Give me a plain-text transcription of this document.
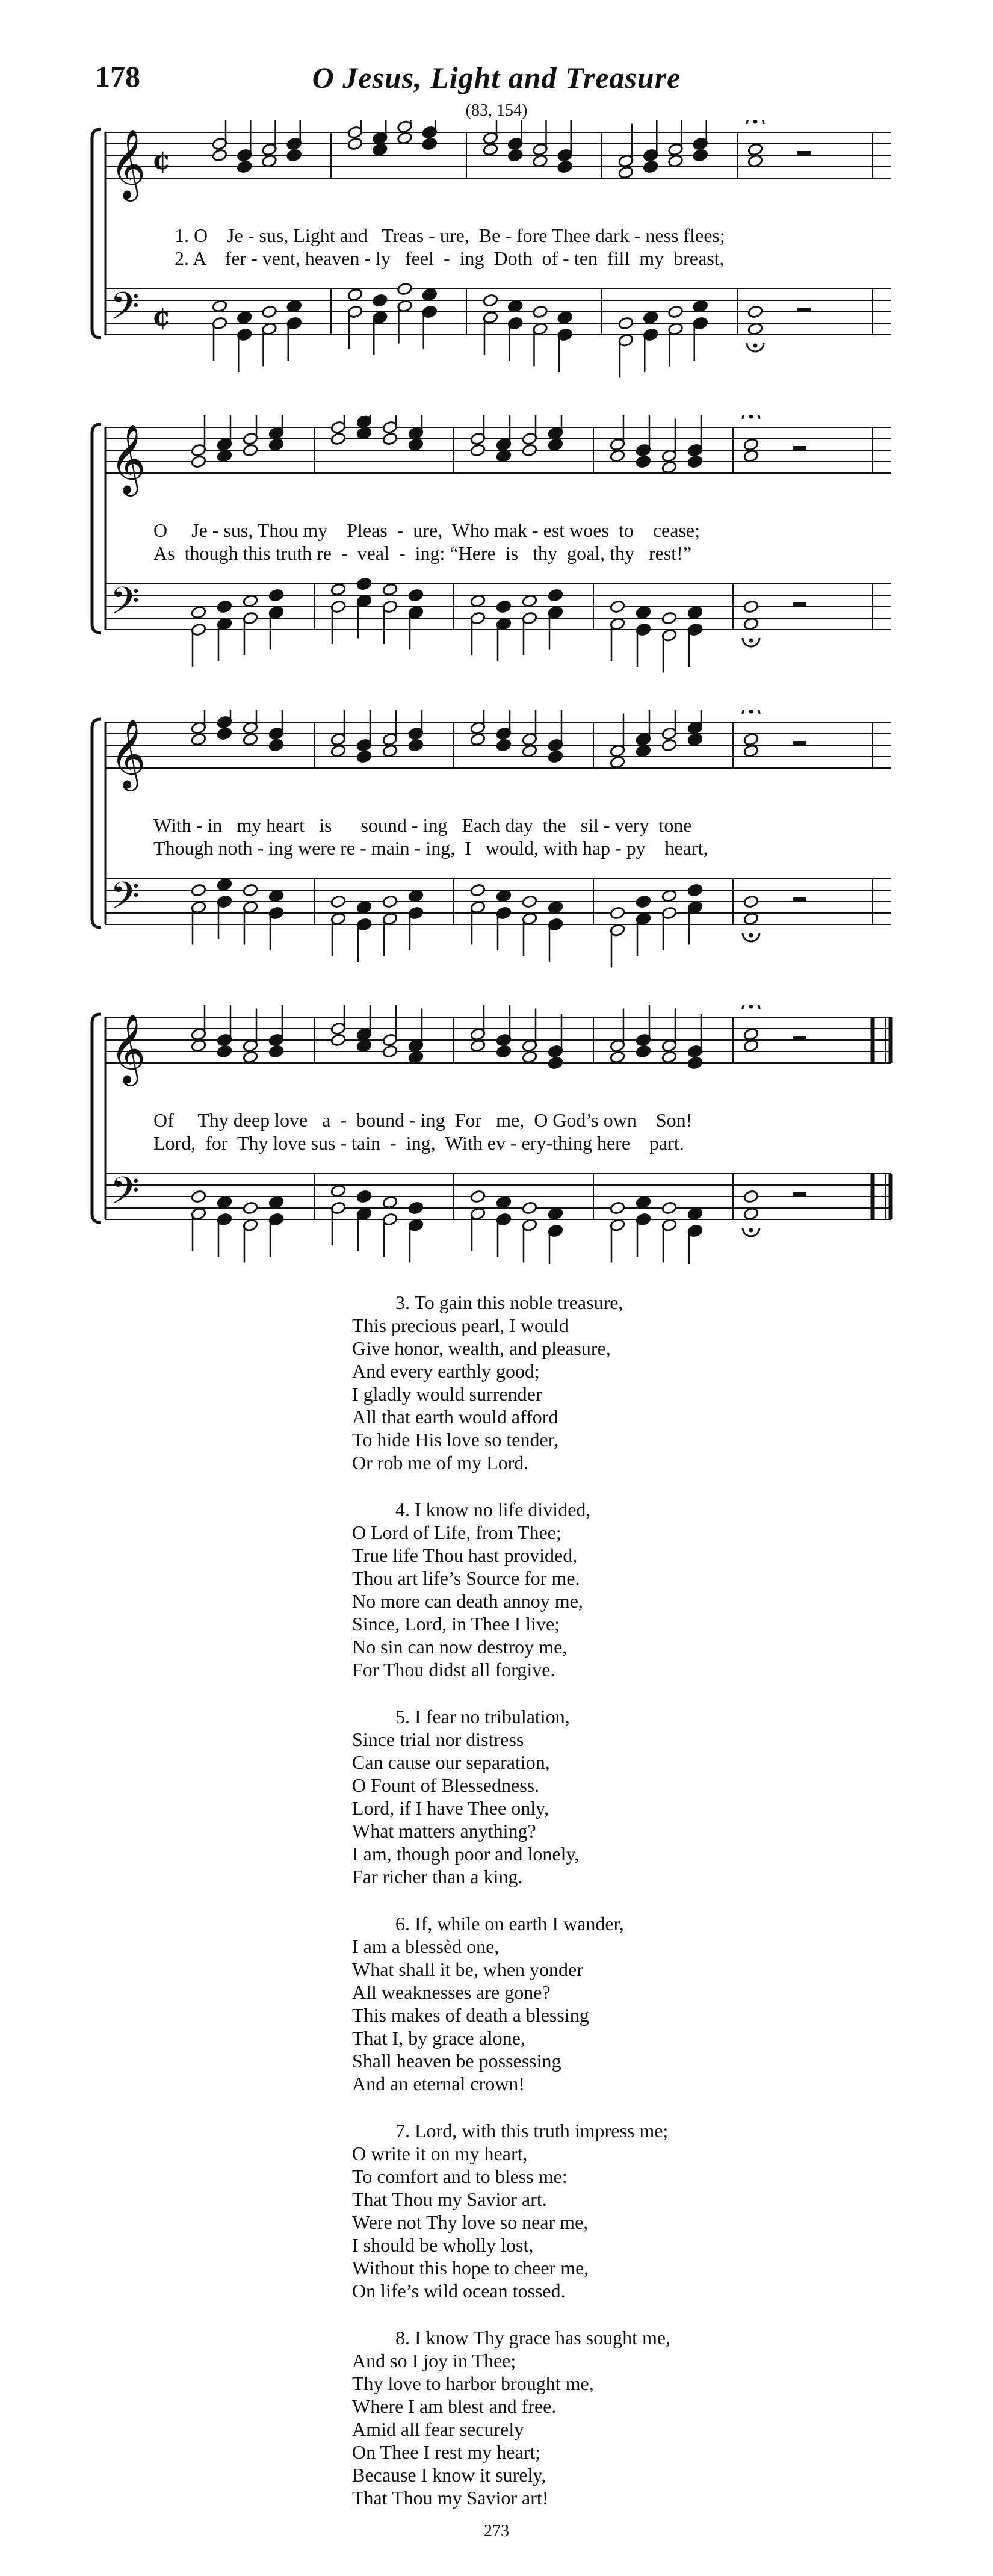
178	O Jesus, Light and Treasure
(83, 154)
𝄞
𝄢
¢
¢
1. O    Je - sus, Light and   Treas - ure,  Be - fore Thee dark - ness flees;
2. A    fer - vent, heaven - ly   feel  -  ing  Doth  of - ten  fill  my  breast,
𝄞
𝄢
O     Je - sus, Thou my    Pleas  -  ure,  Who mak - est woes  to    cease;
As  though this truth re  -  veal  -  ing: “Here  is   thy  goal, thy   rest!”
𝄞
𝄢
With - in   my heart   is      sound - ing   Each day  the   sil - very  tone
Though noth - ing were re - main - ing,  I   would, with hap - py    heart,
𝄞
𝄢
Of     Thy deep love   a  -  bound - ing  For   me,  O God’s own    Son!
Lord,  for  Thy love sus - tain  -  ing,  With ev - ery-thing here    part.
3. To gain this noble treasure,
This precious pearl, I would
Give honor, wealth, and pleasure,
And every earthly good;
I gladly would surrender
All that earth would afford
To hide His love so tender,
Or rob me of my Lord.
4. I know no life divided,
O Lord of Life, from Thee;
True life Thou hast provided,
Thou art life’s Source for me.
No more can death annoy me,
Since, Lord, in Thee I live;
No sin can now destroy me,
For Thou didst all forgive.
5. I fear no tribulation,
Since trial nor distress
Can cause our separation,
O Fount of Blessedness.
Lord, if I have Thee only,
What matters anything?
I am, though poor and lonely,
Far richer than a king.
6. If, while on earth I wander,
I am a blessèd one,
What shall it be, when yonder
All weaknesses are gone?
This makes of death a blessing
That I, by grace alone,
Shall heaven be possessing
And an eternal crown!
7. Lord, with this truth impress me;
O write it on my heart,
To comfort and to bless me:
That Thou my Savior art.
Were not Thy love so near me,
I should be wholly lost,
Without this hope to cheer me,
On life’s wild ocean tossed.
8. I know Thy grace has sought me,
And so I joy in Thee;
Thy love to harbor brought me,
Where I am blest and free.
Amid all fear securely
On Thee I rest my heart;
Because I know it surely,
That Thou my Savior art!
273
